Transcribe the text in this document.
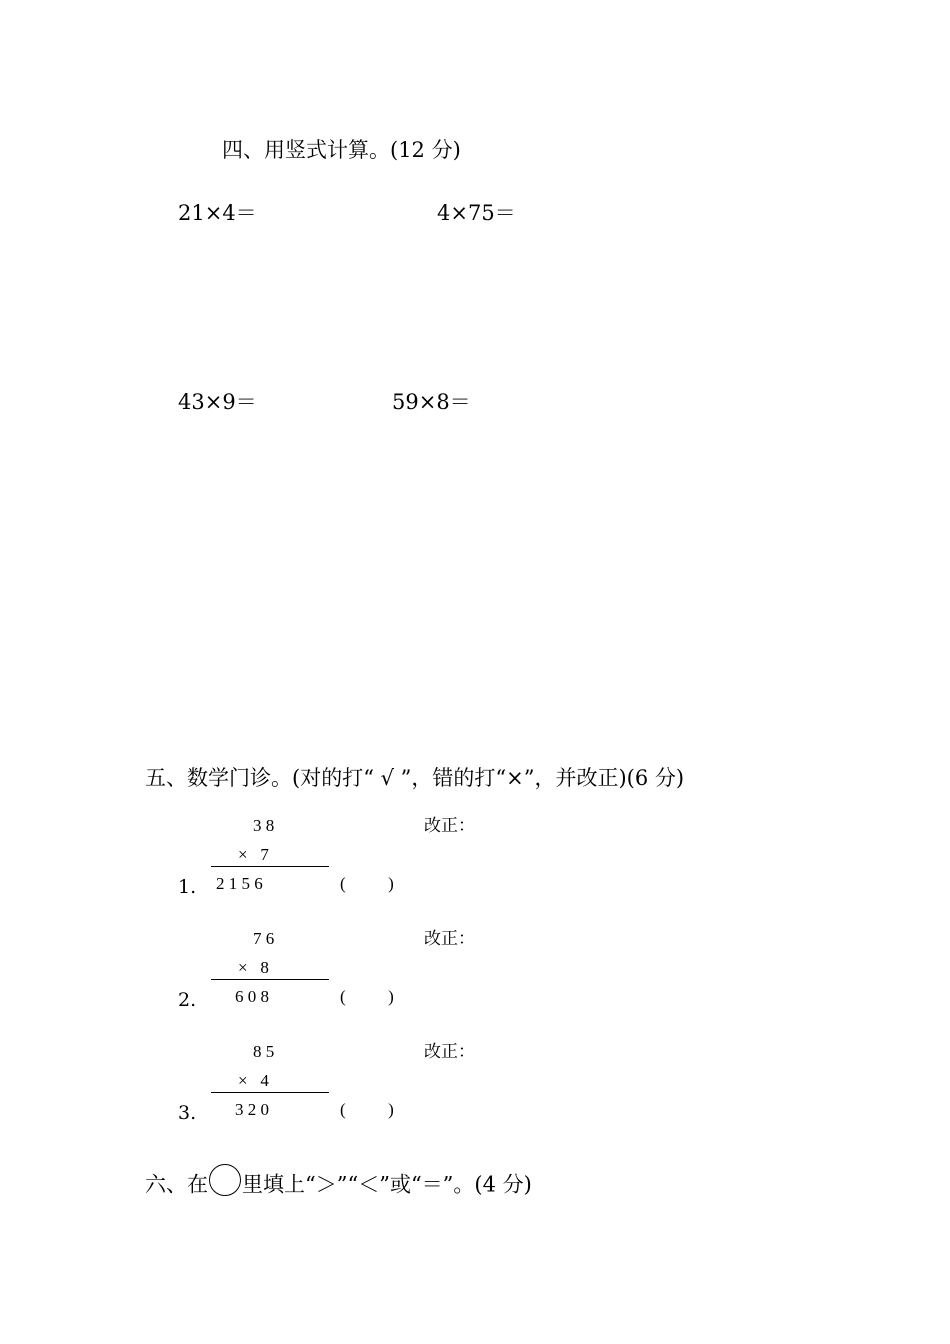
四、用竖式计算。(12 分)
21×4＝	4×75＝
43×9＝	59×8＝
五、数学门诊。(对的打“ √ ”，错的打“×”，并改正)(6 分)
3 8
×   7
1. 2 1 5 6	(          )
改正：
7 6
×   8
2. 6 0 8	(          )
改正：
8 5
×   4
3. 3 2 0	(          )
改正：
六、在 里填上“＞”“＜”或“＝”。(4 分)
